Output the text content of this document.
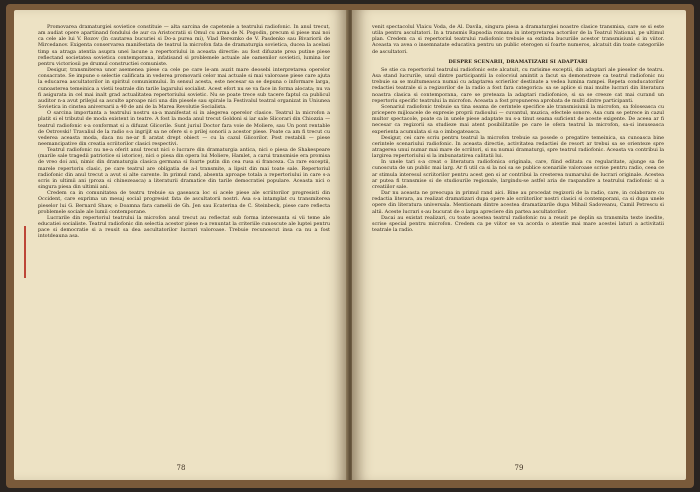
Promovarea dramaturgiei sovietice constituie — alta sarcina de capetenie a teatrului radiofonic. In anul trecut, am audiat opere apartinand fondului de aur ca Aristocratii si Omul cu arma de N. Pogodin, precum si piese mai noi ca cele ale lui V. Rozov (In cautarea bucuriei si Do-a purea mi), Vlad Bereznko de V. Pasdenko sau Bivariorii de Mircedanov. Exigenta conservarea manifestata de teatrul la microfon fata de dramaturgia sovietica, ducea la acelasi timp sa atraga atentia asupra unei lacune a repertoriului in aceasta directie: au fost difuzate prea putine piese reflectand societatea sovietica contemporana, infatisand si problemele actuale ale oamenilor sovietici, lumina lor pentru victoriosii pe drumul constructiei comuniste.

Desigur, transmiterea unor asemenea piese ca cele pe care le-am auzit mare deosebi interpretarea operelor consacrate. Se impune o selectie calificata in vederea promovarii celor mai actuale si mai valoroase piese care ajuta la educarea ascultatorilor in spiritul comunismului. In sensul acesta, este necesar sa se depuna o informare larga, cunoasterea temeinica a vietii teatrale din tarile lagarului socialist. Acest efort nu se va face in forma alocata; nu va fi asigurata in cel mai inalt grad actualitatea repertoriului sovietic. Nu se poate trece sub tacere faptul ca publicul auditor n-a avut prilejul sa asculte aproape nici una din piesele sau spirale la Festivalul teatral organizat in Uniunea Sovietica in cinstea aniversarii a 40 de ani de la Marea Revolutie Socialista.

O sarcina importanta a teatrului nostru sa-a manifestat si in alegerea operelor clasice. Teatrul la microfon a platit si el tributul de moda existent in teatre. A fost la moda anul trecut Goldoni si iar sale Slicorari din Chiozzia — teatrul radiofonic s-a conformat si a difuzat Glicorile. Sunt juriul Doctor fara voie de Moliere, sau Un pont rentable de Ostrovski! Travaliul de la radio s-a ingrijit sa ne ofere si o prilej sonorii a acestor piese. Poate ca am fi trecut cu vederea aceasta moda, daca nu ne-ar fi aratat drept obiect — cu la cazul Glicorilor. Post restabili — piese neemancipative din creatia scriitorilor clasici respectivi.

Teatrul radiofonic nu ne-a oferit anul trecut nici o lucrare din dramaturgia antica, nici o piesa de Shakespeare (marile sale tragedii patriotice si istorice), nici o piesa din opera lui Moliere, Hamlet, a carui transmisie era promisa de vreo doi ani, nimic din dramaturgia clasica germana si foarte putin din cea rusa si franceza. Ca rare exceptii, marele repertoriu clasic, pe care teatrul are obligatia de a-l transmite, a lipsit din mai toate sale. Repertoriul radiofonic din anul trecut a avut si alte carente. In primul rand, absenta aproape totala a repertoriului in care s-a scris in ultimii ani (proza si chinezeasca) a literaturii dramatice din tarile democratiei populare. Aceasta nici o singura piesa din ultimii ani.

Credem ca in comunitatea de teatru trebuie sa gaseasca loc si acele piese ale scriitorilor progresisti din Occident, care exprima un mesaj social progresist fata de ascultatorii nostri. Asa s-a intamplat cu transmiterea pieselor lui G. Bernard Shaw, o Doamna fara camelii de Gh. Jen sau Ecaterina de C. Steinbeck, piese care reflecta problemele sociale ale lumii contemporane.

Lucrarile din repertoriul teatrului la microfon anul trecut au reflectat sub forma interesanta si vii teme ale educatiei socialiste. Teatrul radiofonic din selectia acestor piese n-a renuntat la criteriile cunoscute ale luptei pentru pace si democratie si a reusit sa dea ascultatorilor lucrari valoroase. Trebuie recunoscut insa ca nu a fost intotdeauna asa.

78

venit spectacolul Vlaicu Voda, de Al. Davila, singura piesa a dramaturgiei noastre clasice transmisa, care se si este utila pentru ascultatori. In a transmis Rapsodia romana in interpretarea actorilor de la Teatrul National, pe ultimul plan. Credem ca si repertoriul teatrului radiofonic trebuie sa extinda bucuriile acestor transmisiuni si in viitor. Aceasta va avea o insemnatate educativa pentru un public eterogen si foarte numeros, alcatuit din toate categoriile de ascultatori.

DESPRE SCENARII, DRAMATIZARI SI ADAPTARI

Se stie ca repertoriul teatrului radiofonic este alcatuit, cu rarisime exceptii, din adaptari ale pieselor de teatru. Asa stand lucrurile, unul dintre participantii la colocviul amintit a facut sa demonstreze ca teatrul radiofonic nu trebuie sa se multumeasca numai cu adaptarea scrierilor destinate a vedea lumina rampei. Repeta conducatorilor redactiei teatrale si a regizorilor de la radio a fost fara categorica: sa se aplice si mai multe lucrari din literatura noastra clasica si contemporana, care se preteaza la adaptari radiofonice, si sa se creeze cat mai curand un repertoriu specific teatrului la microfon. Aceasta a fost propunerea aprobata de multi dintre participanti.

Scenariul radiofonic trebuie sa tina seama de cerintele specifice ale transmisiunii la microfon, sa foloseasca cu pricepere mijloacele de expresie proprii radioului — cuvantul, muzica, efectele sonore. Asa cum se petrece in cazul multor spectacole, poate ca in unele piese adaptate nu s-a tinut seama suficient de aceste exigente. De aceea ar fi necesar ca regizorii sa studieze mai atent posibilitatile pe care le ofera teatrul la microfon, sa-si insuseasca experienta acumulata si sa o imbogateasca.

Desigur, cei care scriu pentru teatrul la microfon trebuie sa posede o pregatire temeinica, sa cunoasca bine cerintele scenariului radiofonic. In aceasta directie, activitatea redactiei de resort ar trebui sa se orienteze spre atragerea unui numar mai mare de scriitori, si nu numai dramaturgi, spre teatrul radiofonic. Aceasta va contribui la largirea repertoriului si la imbunatatirea calitatii lui.

In unele tari s-a creat o literatura radiofonica originala, care, fiind editata cu regularitate, ajunge sa fie cunoscuta de un public mai larg. Ar fi util ca si la noi sa se publice scenariile valoroase scrise pentru radio, ceea ce ar stimula interesul scriitorilor pentru acest gen si ar contribui la cresterea numarului de lucrari originale. Acestea ar putea fi transmise si de studiourile regionale, largindu-se astfel aria de raspandire a teatrului radiofonic si a creatiilor sale.

Dar nu aceasta ne preocupa in primul rand aici. Bine au procedat regizorii de la radio, care, in colaborare cu redactia literara, au realizat dramatizari dupa opere ale scriitorilor nostri clasici si contemporani, ca si dupa unele opere din literatura universala. Mentionam dintre acestea dramatizarile dupa Mihail Sadoveanu, Camil Petrescu si altii. Aceste lucrari s-au bucurat de o larga apreciere din partea ascultatorilor.

Dacai au existat realizari, cu toate acestea teatrul radiofonic nu a reusit pe deplin sa transmita texte inedite, scrise special pentru microfon. Credem ca pe viitor se va acorda o atentie mai mare acestei laturi a activitatii teatrale la radio.

79
